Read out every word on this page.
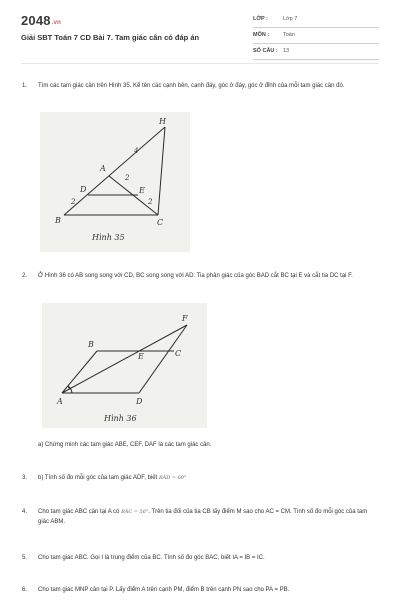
2048.vn
Giải SBT Toán 7 CD Bài 7. Tam giác cân có đáp án
LỚP :	Lớp 7
MÔN :	Toán
SỐ CÂU : 13
1.	Tìm các tam giác cân trên Hình 35. Kể tên các cạnh bên, cạnh đáy, góc ở đáy, góc ở đỉnh của mỗi tam giác cân đó.
H
A
D	E
B	C
4
2
2	2
Hình 35
2.	Ở Hình 36 có AB song song với CD, BC song song với AD. Tia phân giác của góc BAD cắt BC tại E và cắt tia DC tại F.
B
C
F
E
A	D
Hình 36
a) Chứng minh các tam giác ABE, CEF, DAF là các tam giác cân.
3.	b) Tính số đo mỗi góc của tam giác ADF, biết BÂD = 60°
4.	Cho tam giác ABC cân tại A có BÂC = 56°. Trên tia đối của tia CB lấy điểm M sao cho AC = CM. Tính số đo mỗi góc của tam giác ABM.
5.	Cho tam giác ABC. Gọi I là trung điểm của BC. Tính số đo góc BAC, biết IA = IB = IC.
6.	Cho tam giác MNP cân tại P. Lấy điểm A trên cạnh PM, điểm B trên cạnh PN sao cho PA = PB.
